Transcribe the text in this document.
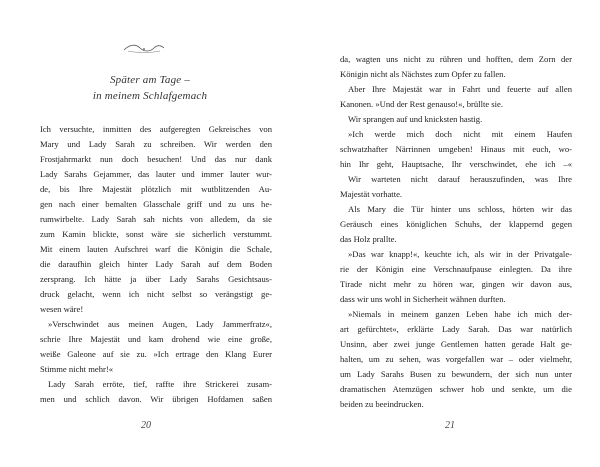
Später am Tage –
in meinem Schlafgemach
Ich versuchte, inmitten des aufgeregten Gekreisches von
Mary und Lady Sarah zu schreiben. Wir werden den
Frostjahrmarkt nun doch besuchen! Und das nur dank
Lady Sarahs Gejammer, das lauter und immer lauter wur-
de, bis Ihre Majestät plötzlich mit wutblitzenden Au-
gen nach einer bemalten Glasschale griff und zu uns he-
rumwirbelte. Lady Sarah sah nichts von alledem, da sie
zum Kamin blickte, sonst wäre sie sicherlich verstummt.
Mit einem lauten Aufschrei warf die Königin die Schale,
die daraufhin gleich hinter Lady Sarah auf dem Boden
zersprang. Ich hätte ja über Lady Sarahs Gesichtsaus-
druck gelacht, wenn ich nicht selbst so verängstigt ge-
wesen wäre!
»Verschwindet aus meinen Augen, Lady Jammerfratz«,
schrie Ihre Majestät und kam drohend wie eine große,
weiße Galeone auf sie zu. »Ich ertrage den Klang Eurer
Stimme nicht mehr!«
Lady Sarah erröte, tief, raffte ihre Strickerei zusam-
men und schlich davon. Wir übrigen Hofdamen saßen
20
da, wagten uns nicht zu rühren und hofften, dem Zorn der
Königin nicht als Nächstes zum Opfer zu fallen.
Aber Ihre Majestät war in Fahrt und feuerte auf allen
Kanonen. »Und der Rest genauso!«, brüllte sie.
Wir sprangen auf und knicksten hastig.
»Ich werde mich doch nicht mit einem Haufen
schwatzhafter Närrinnen umgeben! Hinaus mit euch, wo-
hin Ihr geht, Hauptsache, Ihr verschwindet, ehe ich –«
Wir warteten nicht darauf herauszufinden, was Ihre
Majestät vorhatte.
Als Mary die Tür hinter uns schloss, hörten wir das
Geräusch eines königlichen Schuhs, der klappernd gegen
das Holz prallte.
»Das war knapp!«, keuchte ich, als wir in der Privatgale-
rie der Königin eine Verschnaufpause einlegten. Da ihre
Tirade nicht mehr zu hören war, gingen wir davon aus,
dass wir uns wohl in Sicherheit wähnen durften.
»Niemals in meinem ganzen Leben habe ich mich der-
art gefürchtet«, erklärte Lady Sarah. Das war natürlich
Unsinn, aber zwei junge Gentlemen hatten gerade Halt ge-
halten, um zu sehen, was vorgefallen war – oder vielmehr,
um Lady Sarahs Busen zu bewundern, der sich nun unter
dramatischen Atemzügen schwer hob und senkte, um die
beiden zu beeindrucken.
21
